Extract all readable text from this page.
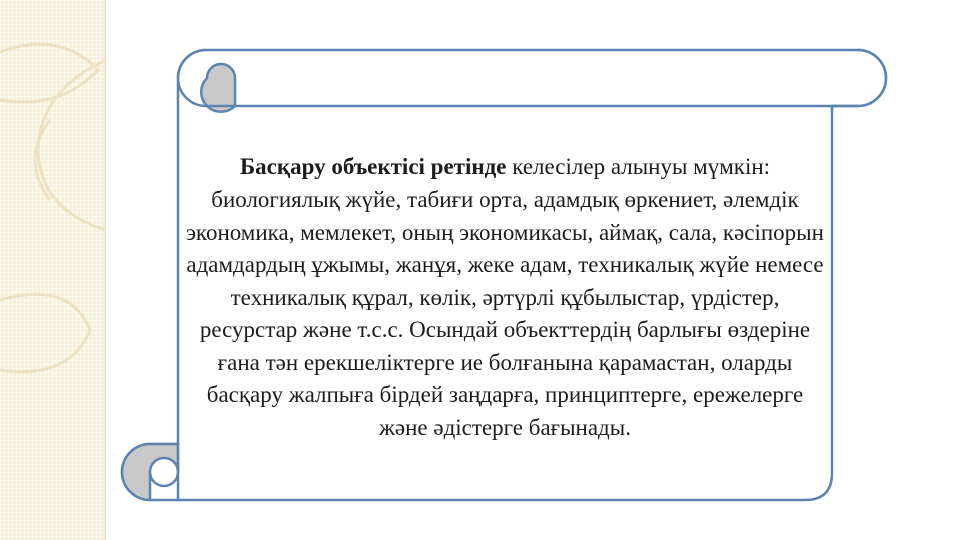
Басқару объектісі ретінде келесілер алынуы мүмкін: биологиялық жүйе, табиғи орта, адамдық өркениет, әлемдік экономика, мемлекет, оның экономикасы, аймақ, сала, кәсіпорын адамдардың ұжымы, жанұя, жеке адам, техникалық жүйе немесе техникалық құрал, көлік, әртүрлі құбылыстар, үрдістер, ресурстар және т.с.с. Осындай объекттердің барлығы өздеріне ғана тән ерекшеліктерге ие болғанына қарамастан, оларды басқару жалпыға бірдей заңдарға, принциптерге, ережелерге және әдістерге бағынады.
